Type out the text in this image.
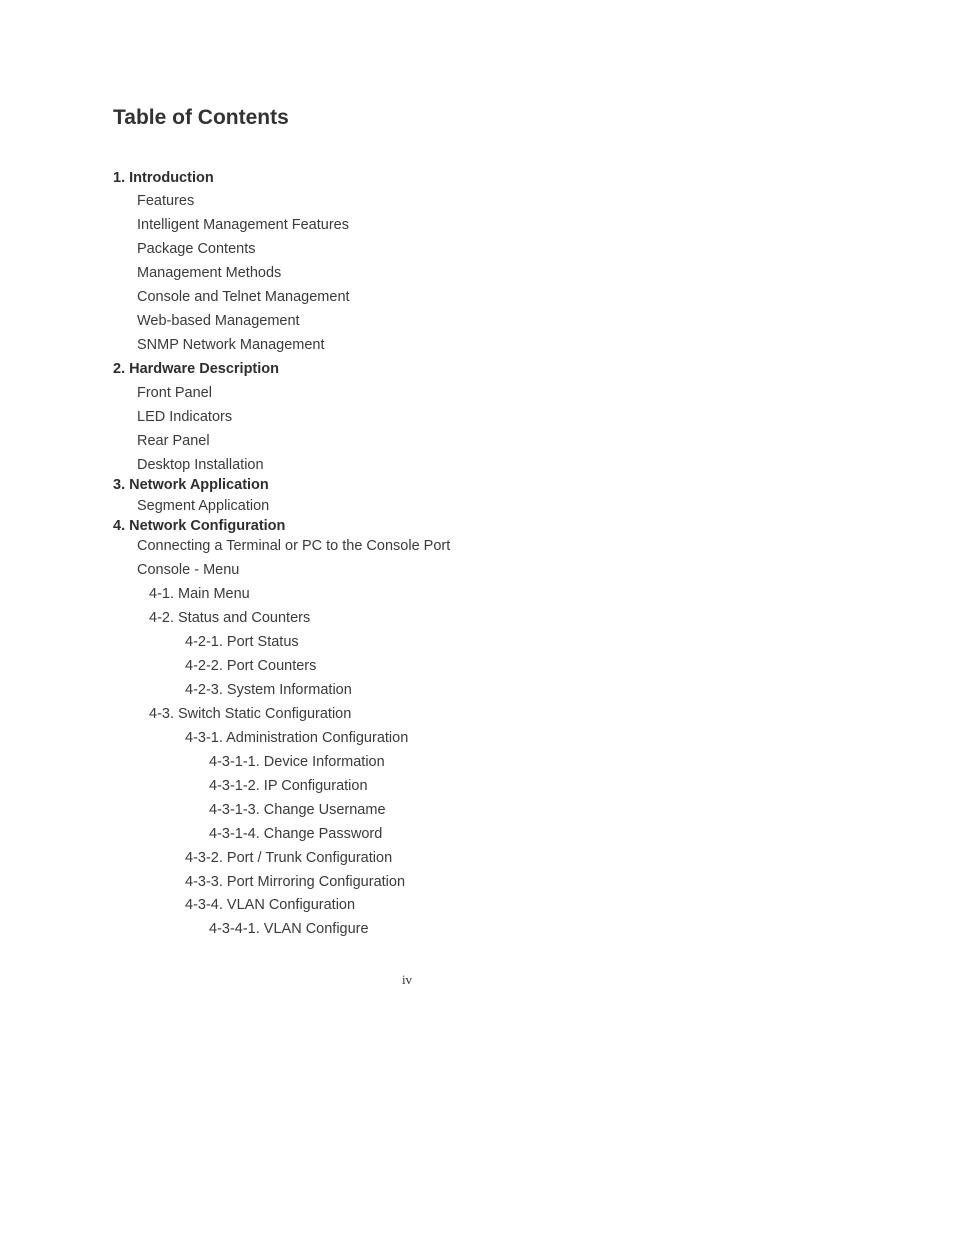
Table of Contents
1. Introduction
Features
Intelligent Management Features
Package Contents
Management Methods
Console and Telnet Management
Web-based Management
SNMP Network Management
2. Hardware Description
Front Panel
LED Indicators
Rear Panel
Desktop Installation
3. Network Application
Segment Application
4. Network Configuration
Connecting a Terminal or PC to the Console Port
Console - Menu
4-1. Main Menu
4-2. Status and Counters
4-2-1. Port Status
4-2-2. Port Counters
4-2-3. System Information
4-3. Switch Static Configuration
4-3-1. Administration Configuration
4-3-1-1. Device Information
4-3-1-2. IP Configuration
4-3-1-3. Change Username
4-3-1-4. Change Password
4-3-2. Port / Trunk Configuration
4-3-3. Port Mirroring Configuration
4-3-4. VLAN Configuration
4-3-4-1. VLAN Configure
iv
